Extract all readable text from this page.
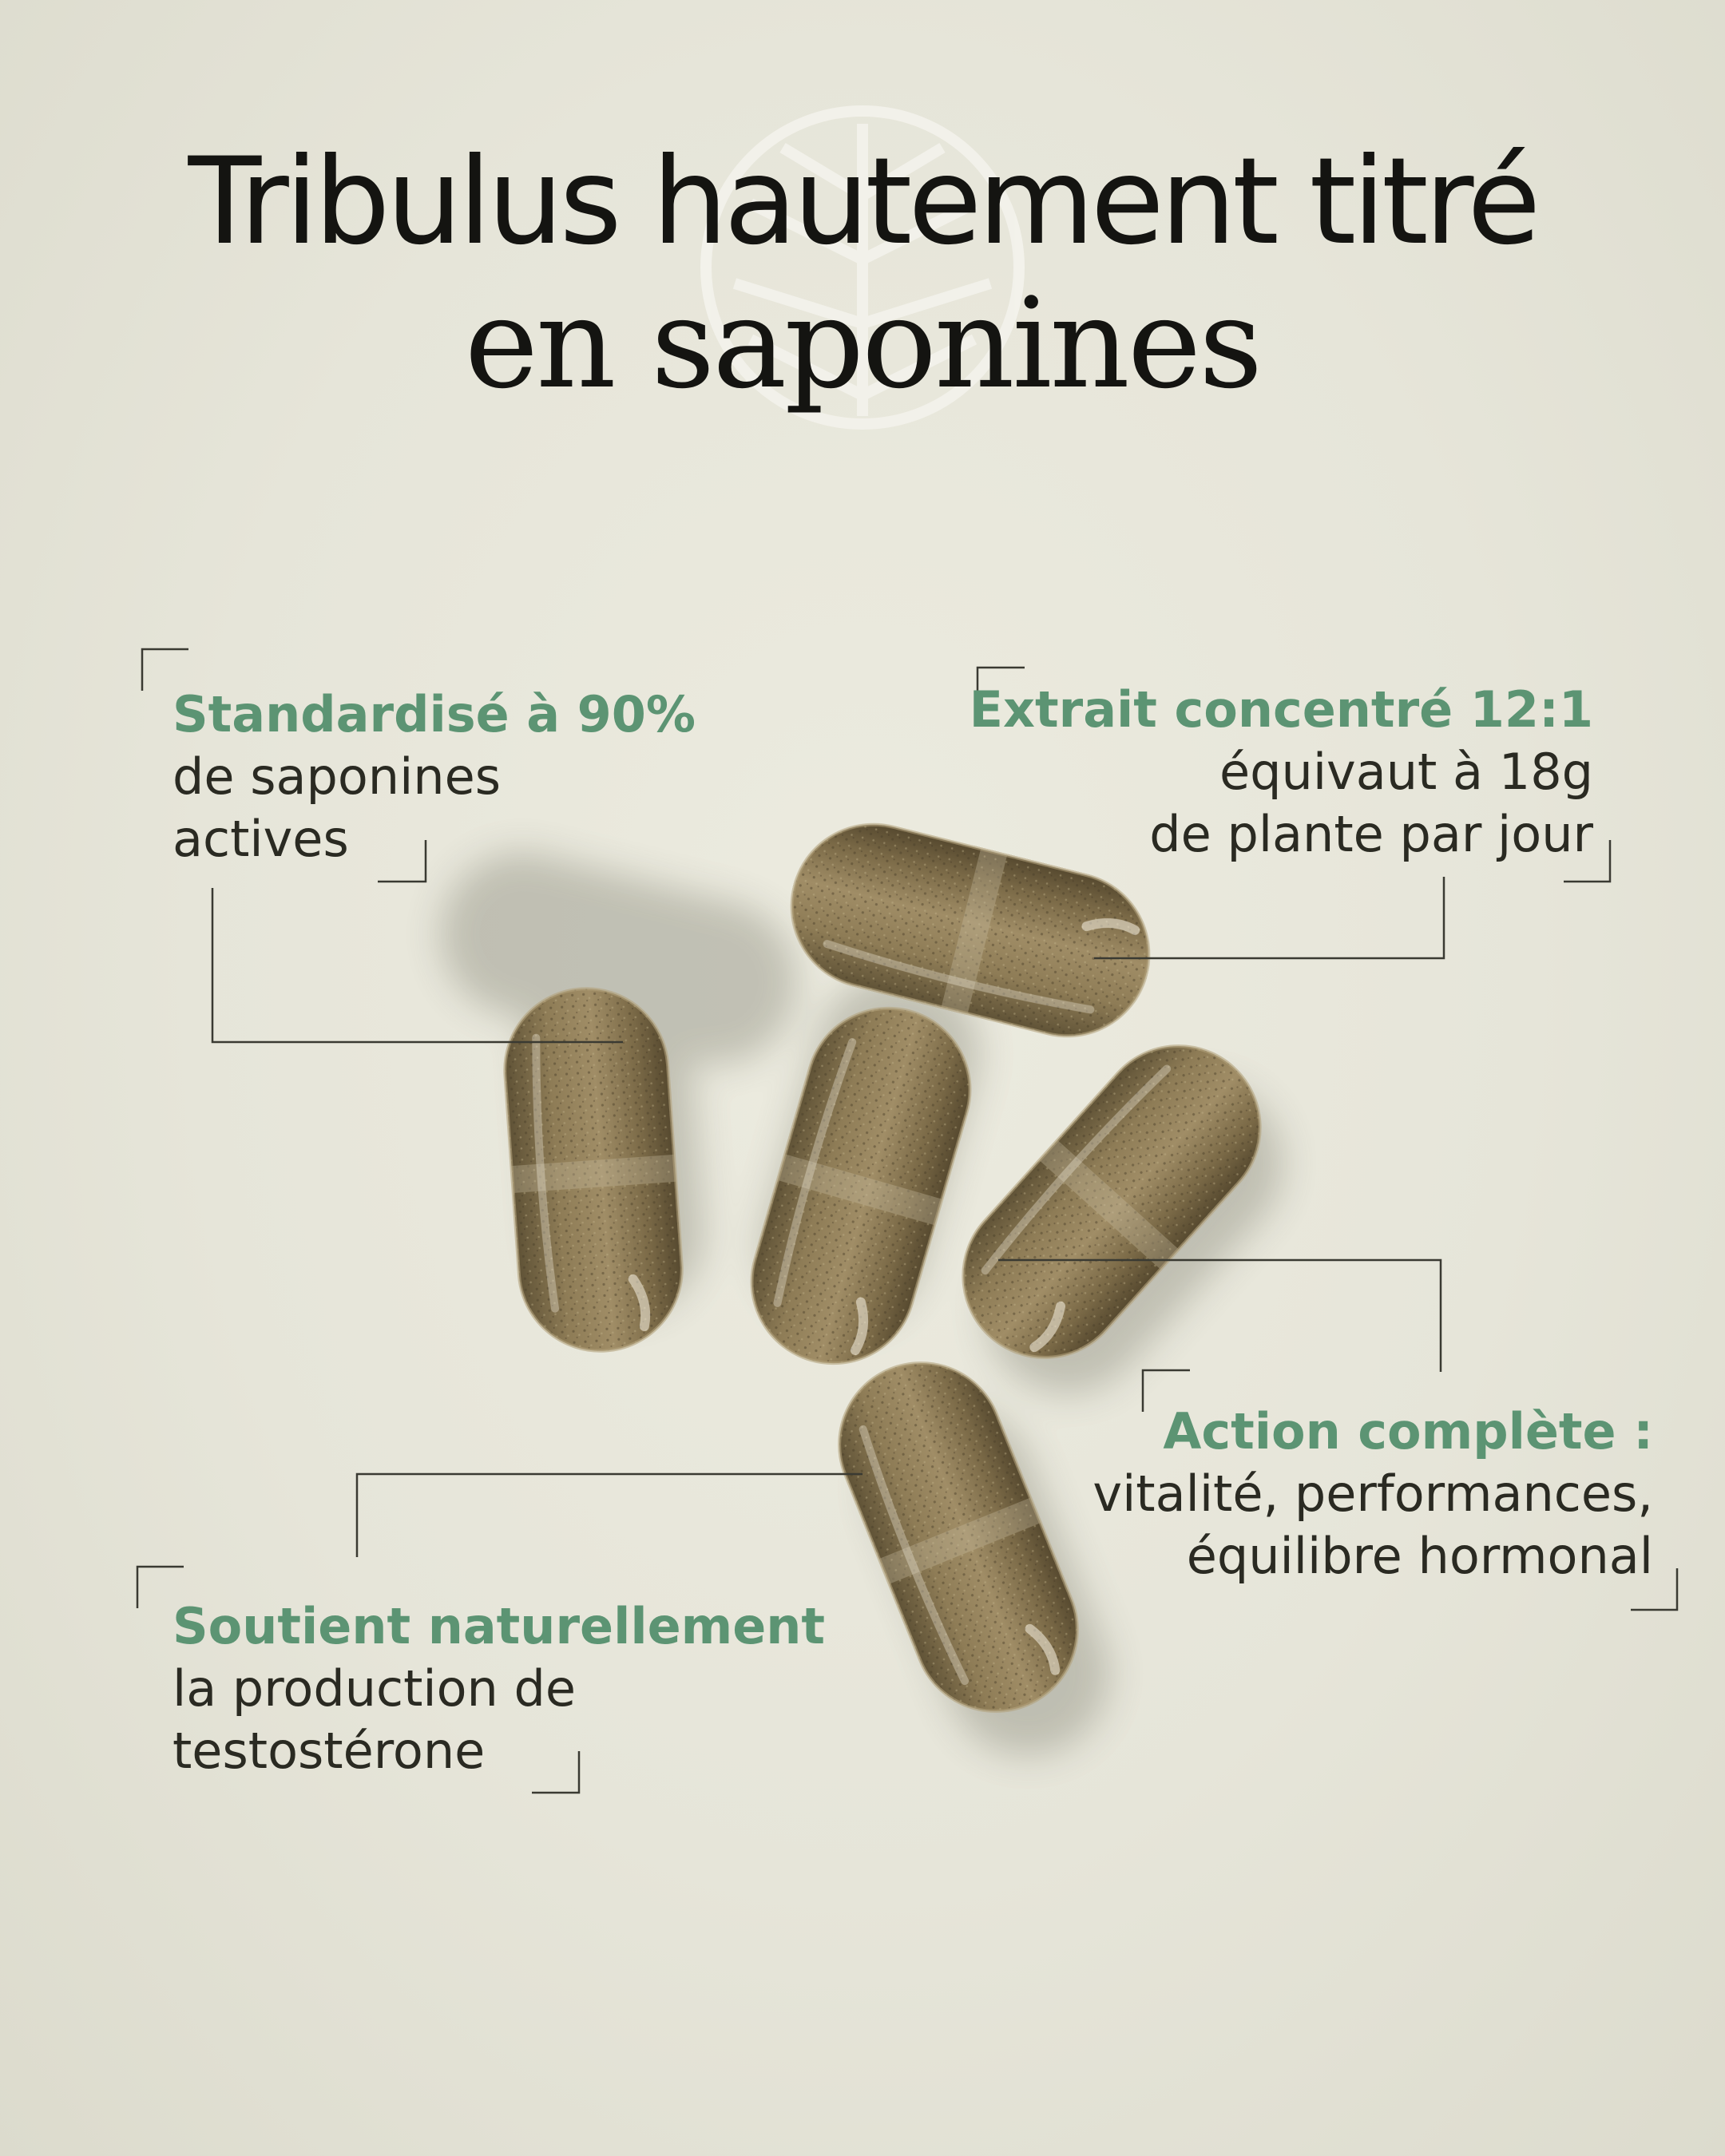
Tribulus hautement titré
en saponines
Standardisé à 90%
de saponines
actives
Extrait concentré 12:1
équivaut à 18g
de plante par jour
Action complète :
vitalité, performances,
équilibre hormonal
Soutient naturellement
la production de
testostérone
